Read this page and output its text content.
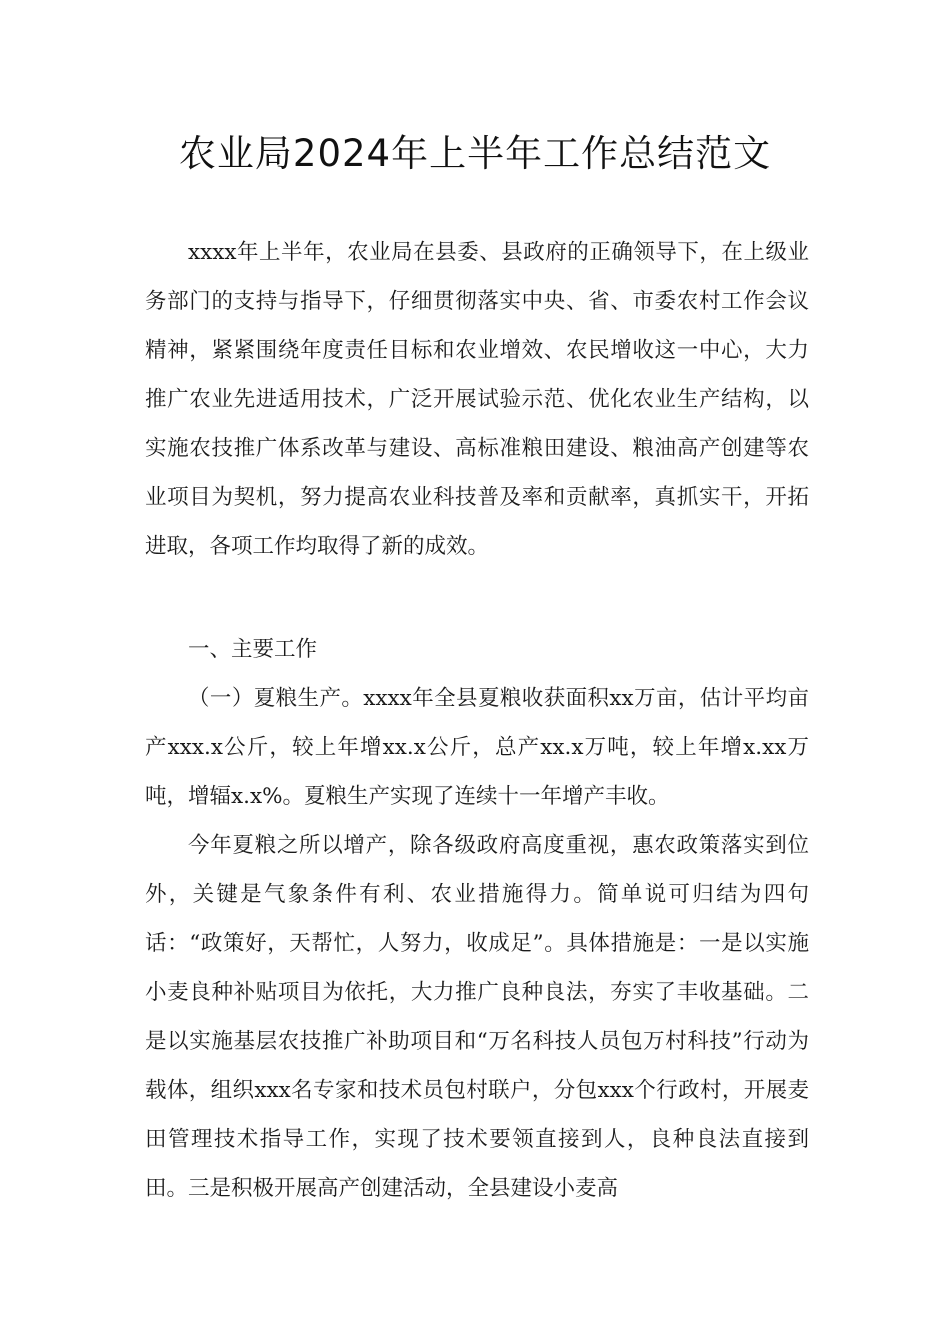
农业局2024年上半年工作总结范文

xxxx年上半年，农业局在县委、县政府的正确领导下，在上级业务部门的支持与指导下，仔细贯彻落实中央、省、市委农村工作会议精神，紧紧围绕年度责任目标和农业增效、农民增收这一中心，大力推广农业先进适用技术，广泛开展试验示范、优化农业生产结构，以实施农技推广体系改革与建设、高标准粮田建设、粮油高产创建等农业项目为契机，努力提高农业科技普及率和贡献率，真抓实干，开拓进取，各项工作均取得了新的成效。

一、主要工作

（一）夏粮生产。xxxx年全县夏粮收获面积xx万亩，估计平均亩产xxx.x公斤，较上年增xx.x公斤，总产xx.x万吨，较上年增x.xx万吨，增辐x.x%。夏粮生产实现了连续十一年增产丰收。

今年夏粮之所以增产，除各级政府高度重视，惠农政策落实到位外，关键是气象条件有利、农业措施得力。简单说可归结为四句话：“政策好，天帮忙，人努力，收成足”。具体措施是：一是以实施小麦良种补贴项目为依托，大力推广良种良法，夯实了丰收基础。二是以实施基层农技推广补助项目和“万名科技人员包万村科技”行动为载体，组织xxx名专家和技术员包村联户，分包xxx个行政村，开展麦田管理技术指导工作，实现了技术要领直接到人，良种良法直接到田。三是积极开展高产创建活动，全县建设小麦高
